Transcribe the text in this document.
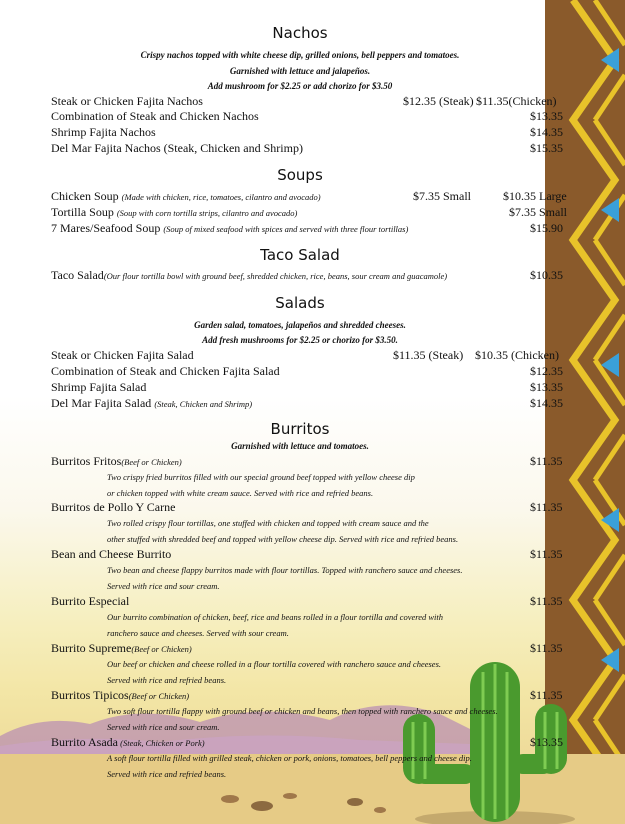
Nachos
Crispy nachos topped with white cheese dip, grilled onions, bell peppers and tomatoes.
Garnished with lettuce and jalapeños.
Add mushroom for $2.25 or add chorizo for $3.50
Steak or Chicken Fajita Nachos	$12.35 (Steak) $11.35(Chicken)
Combination of Steak and Chicken Nachos	$13.35
Shrimp Fajita Nachos	$14.35
Del Mar Fajita Nachos (Steak, Chicken and Shrimp)	$15.35
Soups
Chicken Soup (Made with chicken, rice, tomatoes, cilantro and avocado)	$7.35 Small	$10.35 Large
Tortilla Soup (Soup with corn tortilla strips, cilantro and avocado)	$7.35 Small
7 Mares/Seafood Soup (Soup of mixed seafood with spices and served with three flour tortillas)	$15.90
Taco Salad
Taco Salad(Our flour tortilla bowl with ground beef, shredded chicken, rice, beans, sour cream and guacamole)	$10.35
Salads
Garden salad, tomatoes, jalapeños and shredded cheeses.
Add fresh mushrooms for $2.25 or chorizo for $3.50.
Steak or Chicken Fajita Salad	$11.35 (Steak) $10.35 (Chicken)
Combination of Steak and Chicken Fajita Salad	$12.35
Shrimp Fajita Salad	$13.35
Del Mar Fajita Salad (Steak, Chicken and Shrimp)	$14.35
Burritos
Garnished with lettuce and tomatoes.
Burritos Fritos(Beef or Chicken)	$11.35
Two crispy fried burritos filled with our special ground beef topped with yellow cheese dip
or chicken topped with white cream sauce. Served with rice and refried beans.
Burritos de Pollo Y Carne	$11.35
Two rolled crispy flour tortillas, one stuffed with chicken and topped with cream sauce and the
other stuffed with shredded beef and topped with yellow cheese dip. Served with rice and refried beans.
Bean and Cheese Burrito	$11.35
Two bean and cheese flappy burritos made with flour tortillas. Topped with ranchero sauce and cheeses.
Served with rice and sour cream.
Burrito Especial	$11.35
Our burrito combination of chicken, beef, rice and beans rolled in a flour tortilla and covered with
ranchero sauce and cheeses. Served with sour cream.
Burrito Supreme(Beef or Chicken)	$11.35
Our beef or chicken and cheese rolled in a flour tortilla covered with ranchero sauce and cheeses.
Served with rice and refried beans.
Burritos Tipicos(Beef or Chicken)	$11.35
Two soft flour tortilla flappy with ground beef or chicken and beans, then topped with ranchero sauce and cheeses.
Served with rice and sour cream.
Burrito Asada (Steak, Chicken or Pork)	$13.35
A soft flour tortilla filled with grilled steak, chicken or pork, onions, tomatoes, bell peppers and cheese dip.
Served with rice and refried beans.
